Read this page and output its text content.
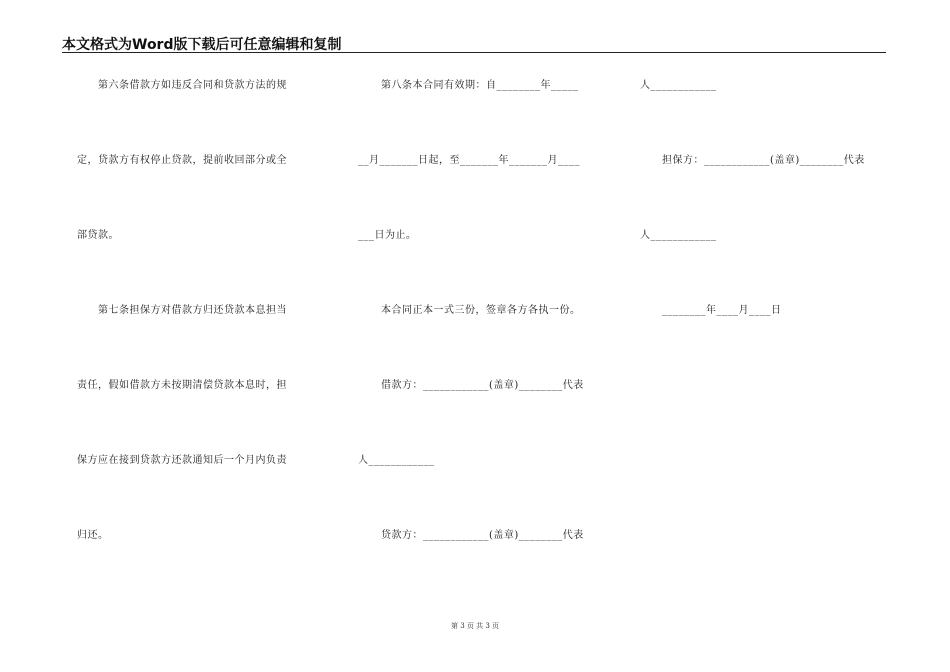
本文格式为Word版下载后可任意编辑和复制
第六条借款方如违反合同和贷款方法的规
定，贷款方有权停止贷款，提前收回部分或全
部贷款。
第七条担保方对借款方归还贷款本息担当
责任，假如借款方未按期清偿贷款本息时，担
保方应在接到贷款方还款通知后一个月内负责
归还。
第八条本合同有效期：自________年_____
__月_______日起，至_______年_______月____
___日为止。
本合同正本一式三份，签章各方各执一份。
借款方：____________(盖章)________代表
人____________
贷款方：____________(盖章)________代表
人____________
担保方：____________(盖章)________代表
人____________
________年____月____日
第 3 页 共 3 页
